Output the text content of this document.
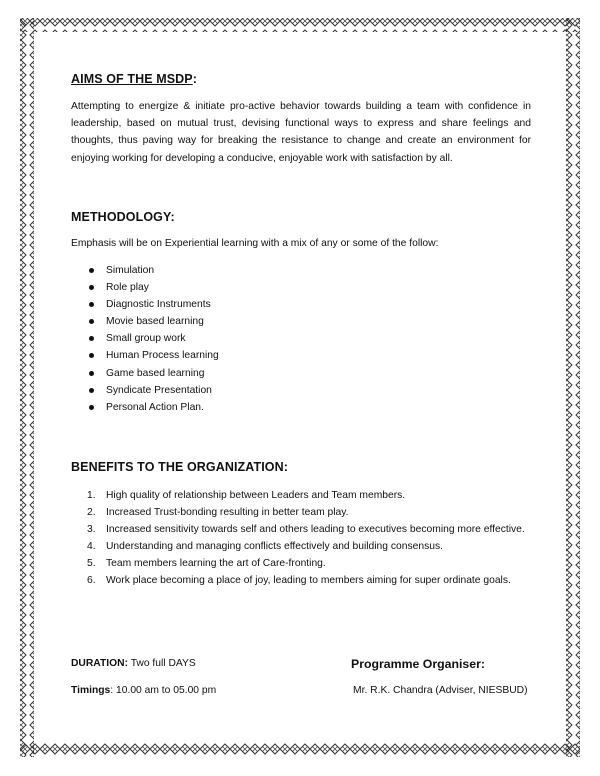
AIMS OF THE MSDP:

Attempting to energize & initiate pro-active behavior towards building a team with confidence in leadership, based on mutual trust, devising functional ways to express and share feelings and thoughts, thus paving way for breaking the resistance to change and create an environment for enjoying working for developing a conducive, enjoyable work with satisfaction by all.

METHODOLOGY:

Emphasis will be on Experiential learning with a mix of any or some of the follow:

Simulation
Role play
Diagnostic Instruments
Movie based learning
Small group work
Human Process learning
Game based learning
Syndicate Presentation
Personal Action Plan.
BENEFITS TO THE ORGANIZATION:
1. High quality of relationship between Leaders and Team members.
2. Increased Trust-bonding resulting in better team play.
3. Increased sensitivity towards self and others leading to executives becoming more effective.
4. Understanding and managing conflicts effectively and building consensus.
5. Team members learning the art of Care-fronting.
6. Work place becoming a place of joy, leading to members aiming for super ordinate goals.
DURATION: Two full DAYS
Timings: 10.00 am to 05.00 pm
Programme Organiser:
Mr. R.K. Chandra (Adviser, NIESBUD)
